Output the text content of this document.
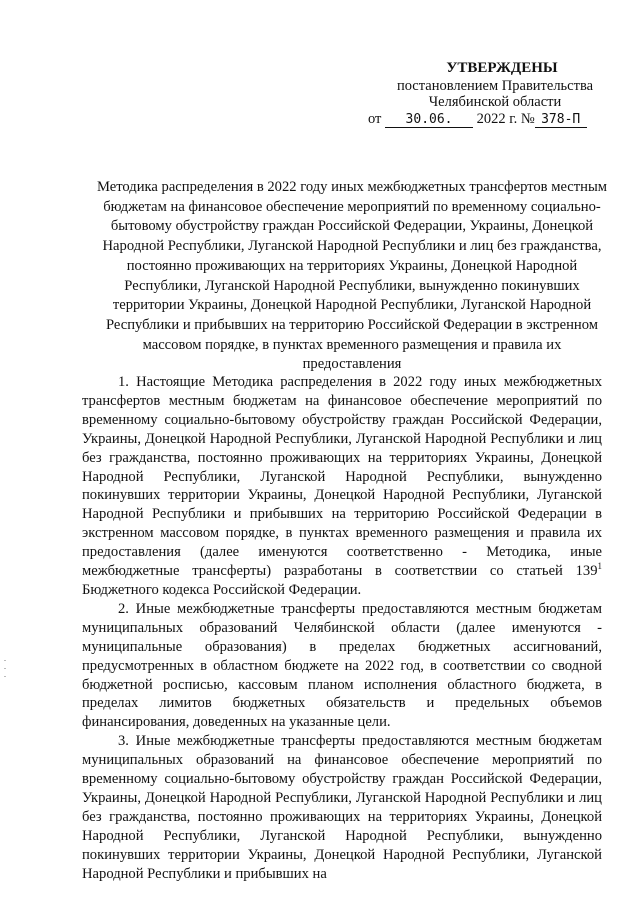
УТВЕРЖДЕНЫ
постановлением Правительства
Челябинской области
от 30.06. 2022 г. № 378-П
Методика распределения в 2022 году иных межбюджетных трансфертов местным бюджетам на финансовое обеспечение мероприятий по временному социально-бытовому обустройству граждан Российской Федерации, Украины, Донецкой Народной Республики, Луганской Народной Республики и лиц без гражданства, постоянно проживающих на территориях Украины, Донецкой Народной Республики, Луганской Народной Республики, вынужденно покинувших территории Украины, Донецкой Народной Республики, Луганской Народной Республики и прибывших на территорию Российской Федерации в экстренном массовом порядке, в пунктах временного размещения и правила их предоставления

1. Настоящие Методика распределения в 2022 году иных межбюджетных трансфертов местным бюджетам на финансовое обеспечение мероприятий по временному социально-бытовому обустройству граждан Российской Федерации, Украины, Донецкой Народной Республики, Луганской Народной Республики и лиц без гражданства, постоянно проживающих на территориях Украины, Донецкой Народной Республики, Луганской Народной Республики, вынужденно покинувших территории Украины, Донецкой Народной Республики, Луганской Народной Республики и прибывших на территорию Российской Федерации в экстренном массовом порядке, в пунктах временного размещения и правила их предоставления (далее именуются соответственно - Методика, иные межбюджетные трансферты) разработаны в соответствии со статьей $139^1$ Бюджетного кодекса Российской Федерации.

2. Иные межбюджетные трансферты предоставляются местным бюджетам муниципальных образований Челябинской области (далее именуются - муниципальные образования) в пределах бюджетных ассигнований, предусмотренных в областном бюджете на 2022 год, в соответствии со сводной бюджетной росписью, кассовым планом исполнения областного бюджета, в пределах лимитов бюджетных обязательств и предельных объемов финансирования, доведенных на указанные цели.

3. Иные межбюджетные трансферты предоставляются местным бюджетам муниципальных образований на финансовое обеспечение мероприятий по временному социально-бытовому обустройству граждан Российской Федерации, Украины, Донецкой Народной Республики, Луганской Народной Республики и лиц без гражданства, постоянно проживающих на территориях Украины, Донецкой Народной Республики, Луганской Народной Республики, вынужденно покинувших территории Украины, Донецкой Народной Республики, Луганской Народной Республики и прибывших на
